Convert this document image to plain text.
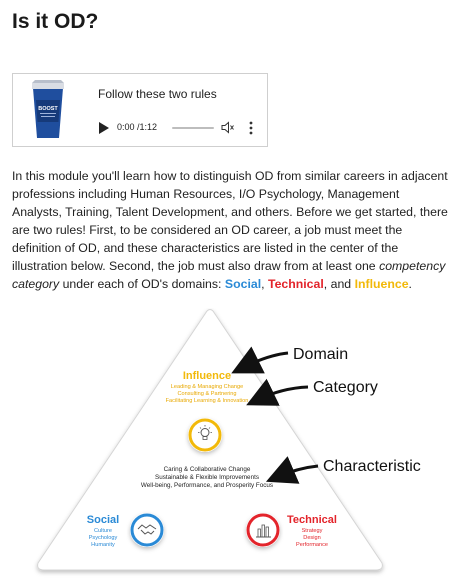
Is it OD?
BOOST
Follow these two rules
0:00 /1:12
In this module you'll learn how to distinguish OD from similar careers in adjacent professions including Human Resources, I/O Psychology, Management Analysts, Training, Talent Development, and others. Before we get started, there are two rules! First, to be considered an OD career, a job must meet the definition of OD, and these characteristics are listed in the center of the illustration below. Second, the job must also draw from at least one competency category under each of OD's domains: Social, Technical, and Influence.
Influence
Leading & Managing Change
Consulting & Partnering
Facilitating Learning & Innovation
Caring & Collaborative Change
Sustainable & Flexible Improvements
Well-being, Performance, and Prosperity Focus
Social
Culture
Psychology
Humanity
Technical
Strategy
Design
Performance
Domain
Category
Characteristic
